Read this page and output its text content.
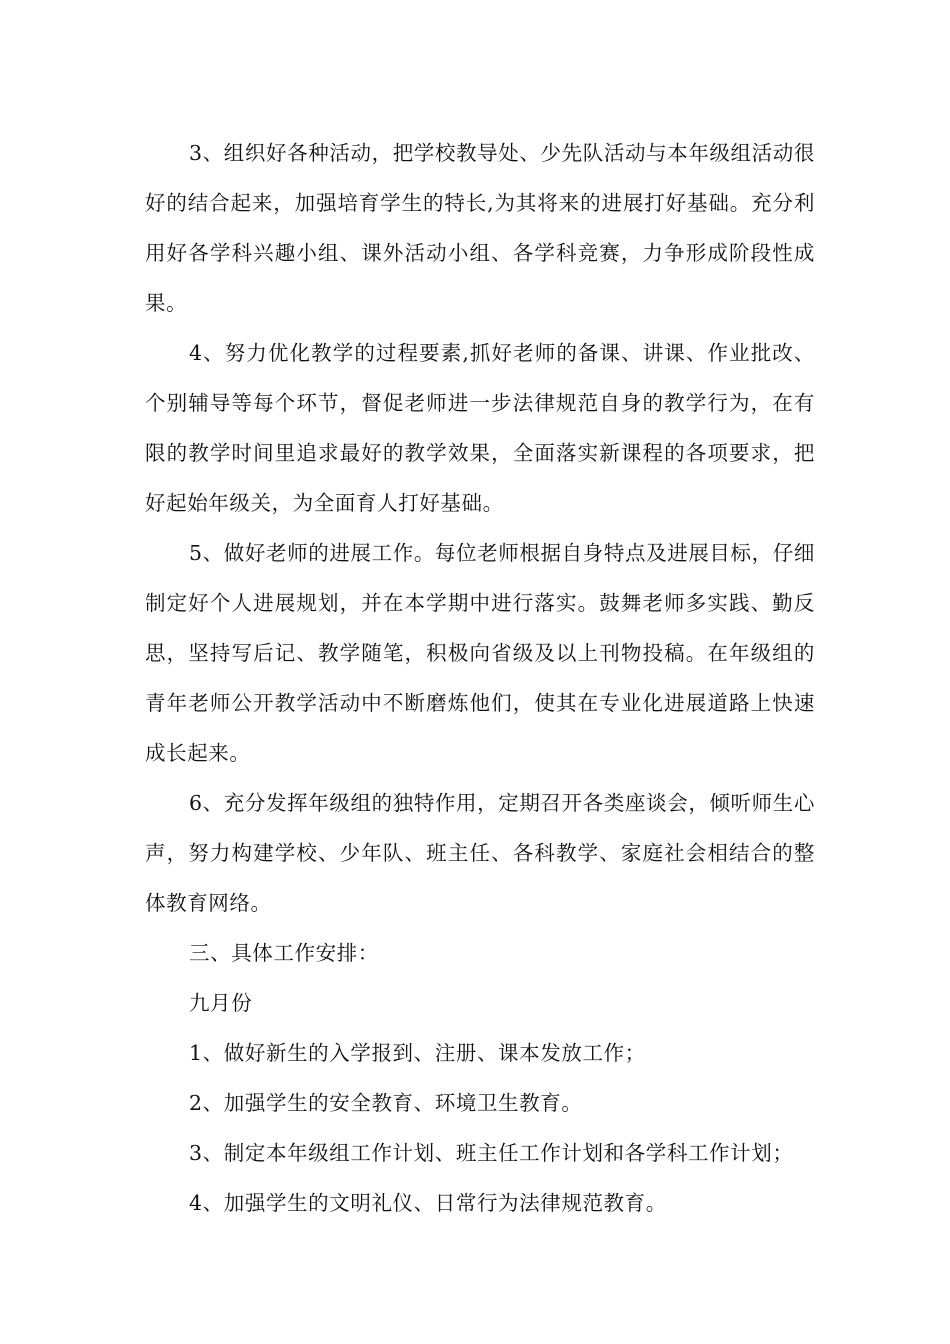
3、组织好各种活动，把学校教导处、少先队活动与本年级组活动很好的结合起来，加强培育学生的特长,为其将来的进展打好基础。充分利用好各学科兴趣小组、课外活动小组、各学科竞赛，力争形成阶段性成果。

4、努力优化教学的过程要素,抓好老师的备课、讲课、作业批改、个别辅导等每个环节，督促老师进一步法律规范自身的教学行为，在有限的教学时间里追求最好的教学效果，全面落实新课程的各项要求，把好起始年级关，为全面育人打好基础。

5、做好老师的进展工作。每位老师根据自身特点及进展目标，仔细制定好个人进展规划，并在本学期中进行落实。鼓舞老师多实践、勤反思，坚持写后记、教学随笔，积极向省级及以上刊物投稿。在年级组的青年老师公开教学活动中不断磨炼他们，使其在专业化进展道路上快速成长起来。

6、充分发挥年级组的独特作用，定期召开各类座谈会，倾听师生心声，努力构建学校、少年队、班主任、各科教学、家庭社会相结合的整体教育网络。

三、具体工作安排：

九月份

1、做好新生的入学报到、注册、课本发放工作；

2、加强学生的安全教育、环境卫生教育。

3、制定本年级组工作计划、班主任工作计划和各学科工作计划；

4、加强学生的文明礼仪、日常行为法律规范教育。
